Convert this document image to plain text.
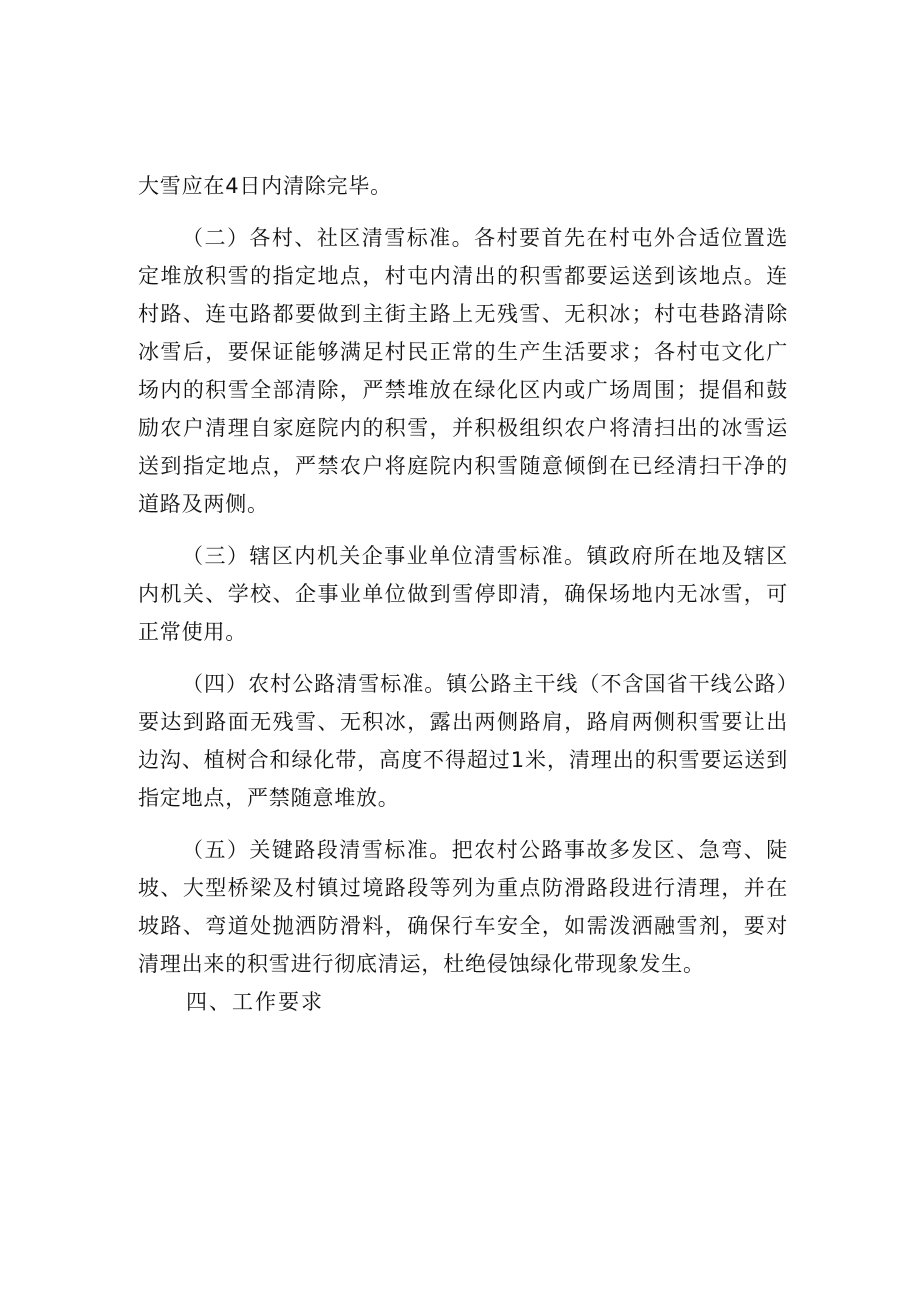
大雪应在4日内清除完毕。

（二）各村、社区清雪标准。各村要首先在村屯外合适位置选定堆放积雪的指定地点，村屯内清出的积雪都要运送到该地点。连村路、连屯路都要做到主街主路上无残雪、无积冰；村屯巷路清除冰雪后，要保证能够满足村民正常的生产生活要求；各村屯文化广场内的积雪全部清除，严禁堆放在绿化区内或广场周围；提倡和鼓励农户清理自家庭院内的积雪，并积极组织农户将清扫出的冰雪运送到指定地点，严禁农户将庭院内积雪随意倾倒在已经清扫干净的道路及两侧。

（三）辖区内机关企事业单位清雪标准。镇政府所在地及辖区内机关、学校、企事业单位做到雪停即清，确保场地内无冰雪，可正常使用。

（四）农村公路清雪标准。镇公路主干线（不含国省干线公路）要达到路面无残雪、无积冰，露出两侧路肩，路肩两侧积雪要让出边沟、植树合和绿化带，高度不得超过1米，清理出的积雪要运送到指定地点，严禁随意堆放。

（五）关键路段清雪标准。把农村公路事故多发区、急弯、陡坡、大型桥梁及村镇过境路段等列为重点防滑路段进行清理，并在坡路、弯道处抛洒防滑料，确保行车安全，如需泼洒融雪剂，要对清理出来的积雪进行彻底清运，杜绝侵蚀绿化带现象发生。

四、工作要求
